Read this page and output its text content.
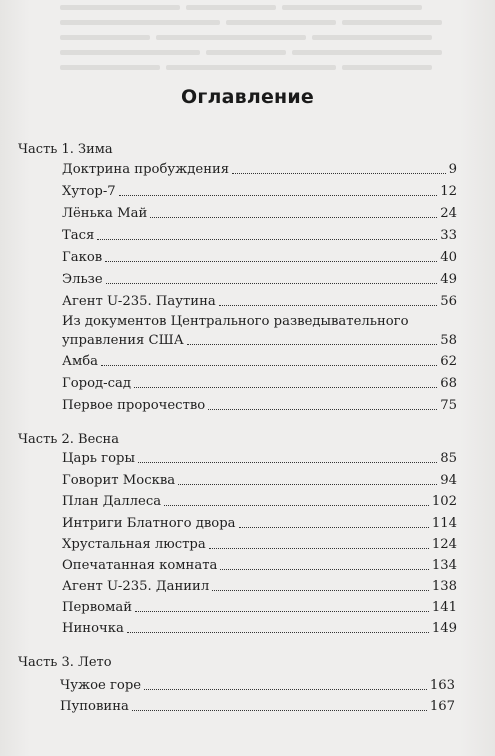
Оглавление
Часть 1. Зима
Доктрина пробуждения	9
Хутор-7	12
Лёнька Май	24
Тася	33
Гаков	40
Эльзе	49
Агент U-235. Паутина	56
Из документов Центрального разведывательного
управления США	58
Амба	62
Город-сад	68
Первое пророчество	75
Часть 2. Весна
Царь горы	85
Говорит Москва	94
План Даллеса	102
Интриги Блатного двора	114
Хрустальная люстра	124
Опечатанная комната	134
Агент U-235. Даниил	138
Первомай	141
Ниночка	149
Часть 3. Лето
Чужое горе	163
Пуповина	167
